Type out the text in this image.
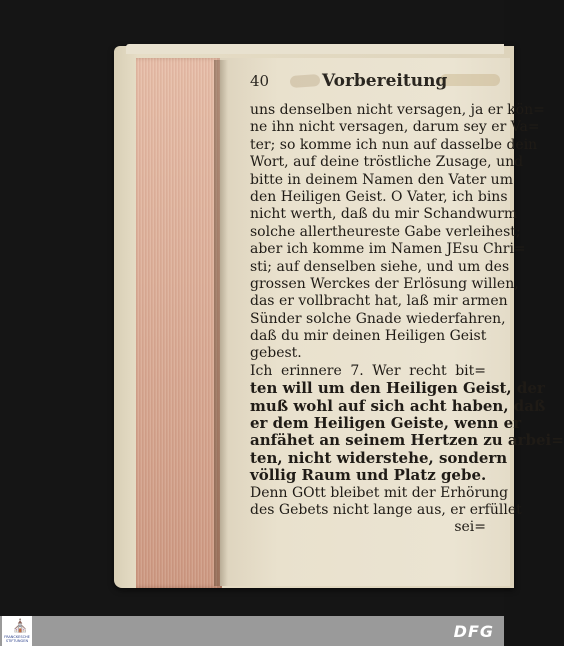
40	Vorbereitung
uns denselben nicht versagen, ja er kön=
ne ihn nicht versagen, darum sey er Va=
ter; so komme ich nun auf dasselbe dein
Wort, auf deine tröstliche Zusage, und
bitte in deinem Namen den Vater um
den Heiligen Geist. O Vater, ich bins
nicht werth, daß du mir Schandwurm
solche allertheureste Gabe verleihest;
aber ich komme im Namen JEsu Chri=
sti; auf denselben siehe, und um des
grossen Werckes der Erlösung willen,
das er vollbracht hat, laß mir armen
Sünder solche Gnade wiederfahren,
daß du mir deinen Heiligen Geist
gebest.
Ich erinnere 7. Wer recht bit=
ten will um den Heiligen Geist, der
muß wohl auf sich acht haben, daß
er dem Heiligen Geiste, wenn er
anfähet an seinem Hertzen zu arbei=
ten, nicht widerstehe, sondern
völlig Raum und Platz gebe.
Denn GOtt bleibet mit der Erhörung
des Gebets nicht lange aus, er erfüllet
sei=
⛪
FRANCKESCHE STIFTUNGEN	DFG
